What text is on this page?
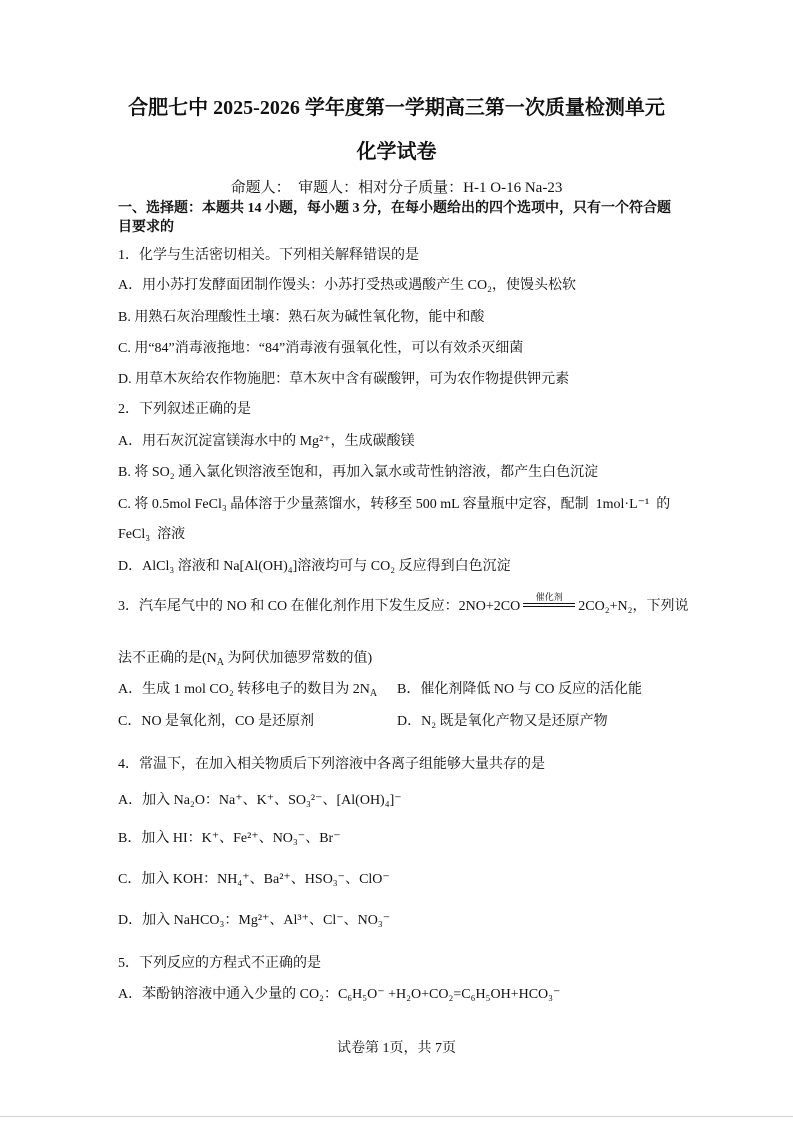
合肥七中 2025-2026 学年度第一学期高三第一次质量检测单元
化学试卷
命题人：  审题人：相对分子质量：H-1 O-16 Na-23
一、选择题：本题共 14 小题，每小题 3 分，在每小题给出的四个选项中，只有一个符合题
目要求的
1．化学与生活密切相关。下列相关解释错误的是
A．用小苏打发酵面团制作馒头：小苏打受热或遇酸产生 CO₂，使馒头松软
B. 用熟石灰治理酸性土壤：熟石灰为碱性氧化物，能中和酸
C. 用“84”消毒液拖地：“84”消毒液有强氧化性，可以有效杀灭细菌
D. 用草木灰给农作物施肥：草木灰中含有碳酸钾，可为农作物提供钾元素
2．下列叙述正确的是
A．用石灰沉淀富镁海水中的 Mg²⁺，生成碳酸镁
B. 将 SO₂ 通入氯化钡溶液至饱和，再加入氯水或苛性钠溶液，都产生白色沉淀
C. 将 0.5mol FeCl₃ 晶体溶于少量蒸馏水，转移至 500 mL 容量瓶中定容，配制  1mol·L⁻¹  的
FeCl₃  溶液
D．AlCl₃ 溶液和 Na[Al(OH)₄]溶液均可与 CO₂ 反应得到白色沉淀
3．汽车尾气中的 NO 和 CO 在催化剂作用下发生反应：2NO+2CO
催化剂
2CO₂+N₂，下列说
法不正确的是($N_A$ 为阿伏加德罗常数的值)
A．生成 1 mol CO₂ 转移电子的数目为 $2N_A$ B．催化剂降低 NO 与 CO 反应的活化能
C．NO 是氧化剂，CO 是还原剂	D．N₂ 既是氧化产物又是还原产物
4．常温下，在加入相关物质后下列溶液中各离子组能够大量共存的是
A．加入 Na₂O：Na⁺、K⁺、SO₃²⁻、[Al(OH)₄]⁻
B．加入 HI：K⁺、Fe²⁺、NO₃⁻、Br⁻
C．加入 KOH：NH₄⁺、Ba²⁺、HSO₃⁻、ClO⁻
D．加入 NaHCO₃：Mg²⁺、Al³⁺、Cl⁻、NO₃⁻
5．下列反应的方程式不正确的是
A．苯酚钠溶液中通入少量的 CO₂：C₆H₅O⁻ +H₂O+CO₂=C₆H₅OH+HCO₃⁻
试卷第 1页，共 7页
